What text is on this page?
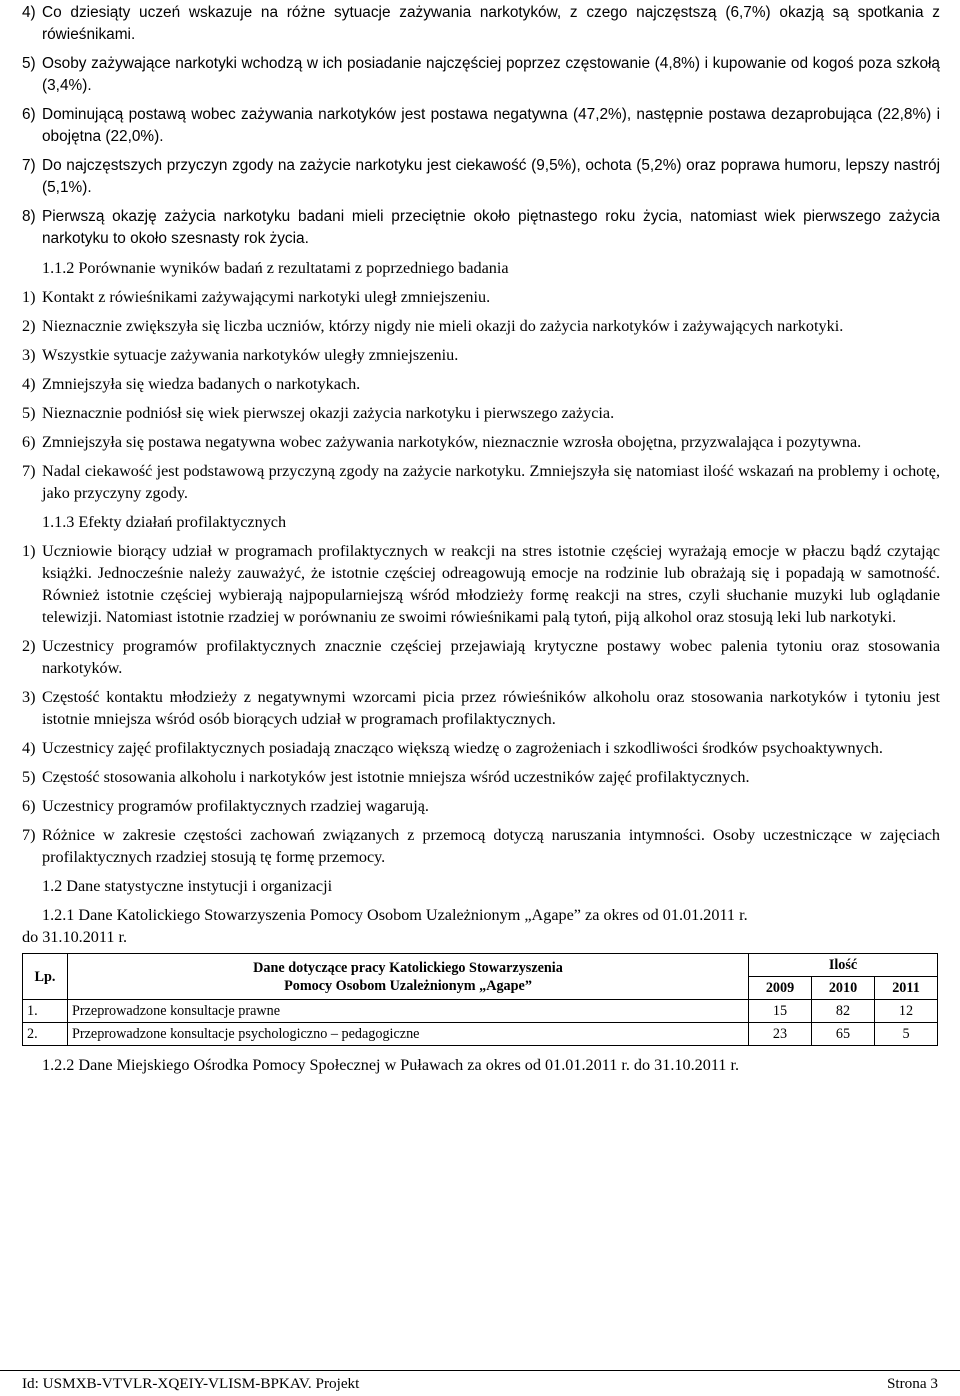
4) Co dziesiąty uczeń wskazuje na różne sytuacje zażywania narkotyków, z czego najczęstszą (6,7%) okazją są spotkania z rówieśnikami.
5) Osoby zażywające narkotyki wchodzą w ich posiadanie najczęściej poprzez częstowanie (4,8%) i kupowanie od kogoś poza szkołą (3,4%).
6) Dominującą postawą wobec zażywania narkotyków jest postawa negatywna (47,2%), następnie postawa dezaprobująca (22,8%) i obojętna (22,0%).
7) Do najczęstszych przyczyn zgody na zażycie narkotyku jest ciekawość (9,5%), ochota (5,2%) oraz poprawa humoru, lepszy nastrój (5,1%).
8) Pierwszą okazję zażycia narkotyku badani mieli przeciętnie około piętnastego roku życia, natomiast wiek pierwszego zażycia narkotyku to około szesnasty rok życia.
1.1.2 Porównanie wyników badań z rezultatami z poprzedniego badania
1) Kontakt z rówieśnikami zażywającymi narkotyki uległ zmniejszeniu.
2) Nieznacznie zwiększyła się liczba uczniów, którzy nigdy nie mieli okazji do zażycia narkotyków i zażywających narkotyki.
3) Wszystkie sytuacje zażywania narkotyków uległy zmniejszeniu.
4) Zmniejszyła się wiedza badanych o narkotykach.
5) Nieznacznie podniósł się wiek pierwszej okazji zażycia narkotyku i pierwszego zażycia.
6) Zmniejszyła się postawa negatywna wobec zażywania narkotyków, nieznacznie wzrosła obojętna, przyzwalająca i pozytywna.
7) Nadal ciekawość jest podstawową przyczyną zgody na zażycie narkotyku. Zmniejszyła się natomiast ilość wskazań na problemy i ochotę, jako przyczyny zgody.
1.1.3 Efekty działań profilaktycznych
1) Uczniowie biorący udział w programach profilaktycznych w reakcji na stres istotnie częściej wyrażają emocje w płaczu bądź czytając książki. Jednocześnie należy zauważyć, że istotnie częściej odreagowują emocje na rodzinie lub obrażają się i popadają w samotność. Również istotnie częściej wybierają najpopularniejszą wśród młodzieży formę reakcji na stres, czyli słuchanie muzyki lub oglądanie telewizji. Natomiast istotnie rzadziej w porównaniu ze swoimi rówieśnikami palą tytoń, piją alkohol oraz stosują leki lub narkotyki.
2) Uczestnicy programów profilaktycznych znacznie częściej przejawiają krytyczne postawy wobec palenia tytoniu oraz stosowania narkotyków.
3) Częstość kontaktu młodzieży z negatywnymi wzorcami picia przez rówieśników alkoholu oraz stosowania narkotyków i tytoniu jest istotnie mniejsza wśród osób biorących udział w programach profilaktycznych.
4) Uczestnicy zajęć profilaktycznych posiadają znacząco większą wiedzę o zagrożeniach i szkodliwości środków psychoaktywnych.
5) Częstość stosowania alkoholu i narkotyków jest istotnie mniejsza wśród uczestników zajęć profilaktycznych.
6) Uczestnicy programów profilaktycznych rzadziej wagarują.
7) Różnice w zakresie częstości zachowań związanych z przemocą dotyczą naruszania intymności. Osoby uczestniczące w zajęciach profilaktycznych rzadziej stosują tę formę przemocy.
1.2 Dane statystyczne instytucji i organizacji
1.2.1 Dane Katolickiego Stowarzyszenia Pomocy Osobom Uzależnionym „Agape” za okres od 01.01.2011 r.
do 31.10.2011 r.
Lp.	Dane dotyczące pracy Katolickiego Stowarzyszenia
Pomocy Osobom Uzależnionym „Agape”	Ilość		
		2009	2010	2011
1.	Przeprowadzone konsultacje prawne	15	82	12
2.	Przeprowadzone konsultacje psychologiczno – pedagogiczne	23	65	5
1.2.2 Dane Miejskiego Ośrodka Pomocy Społecznej w Puławach za okres od 01.01.2011 r. do 31.10.2011 r.
Id: USMXB-VTVLR-XQEIY-VLISM-BPKAV. Projekt	Strona 3
